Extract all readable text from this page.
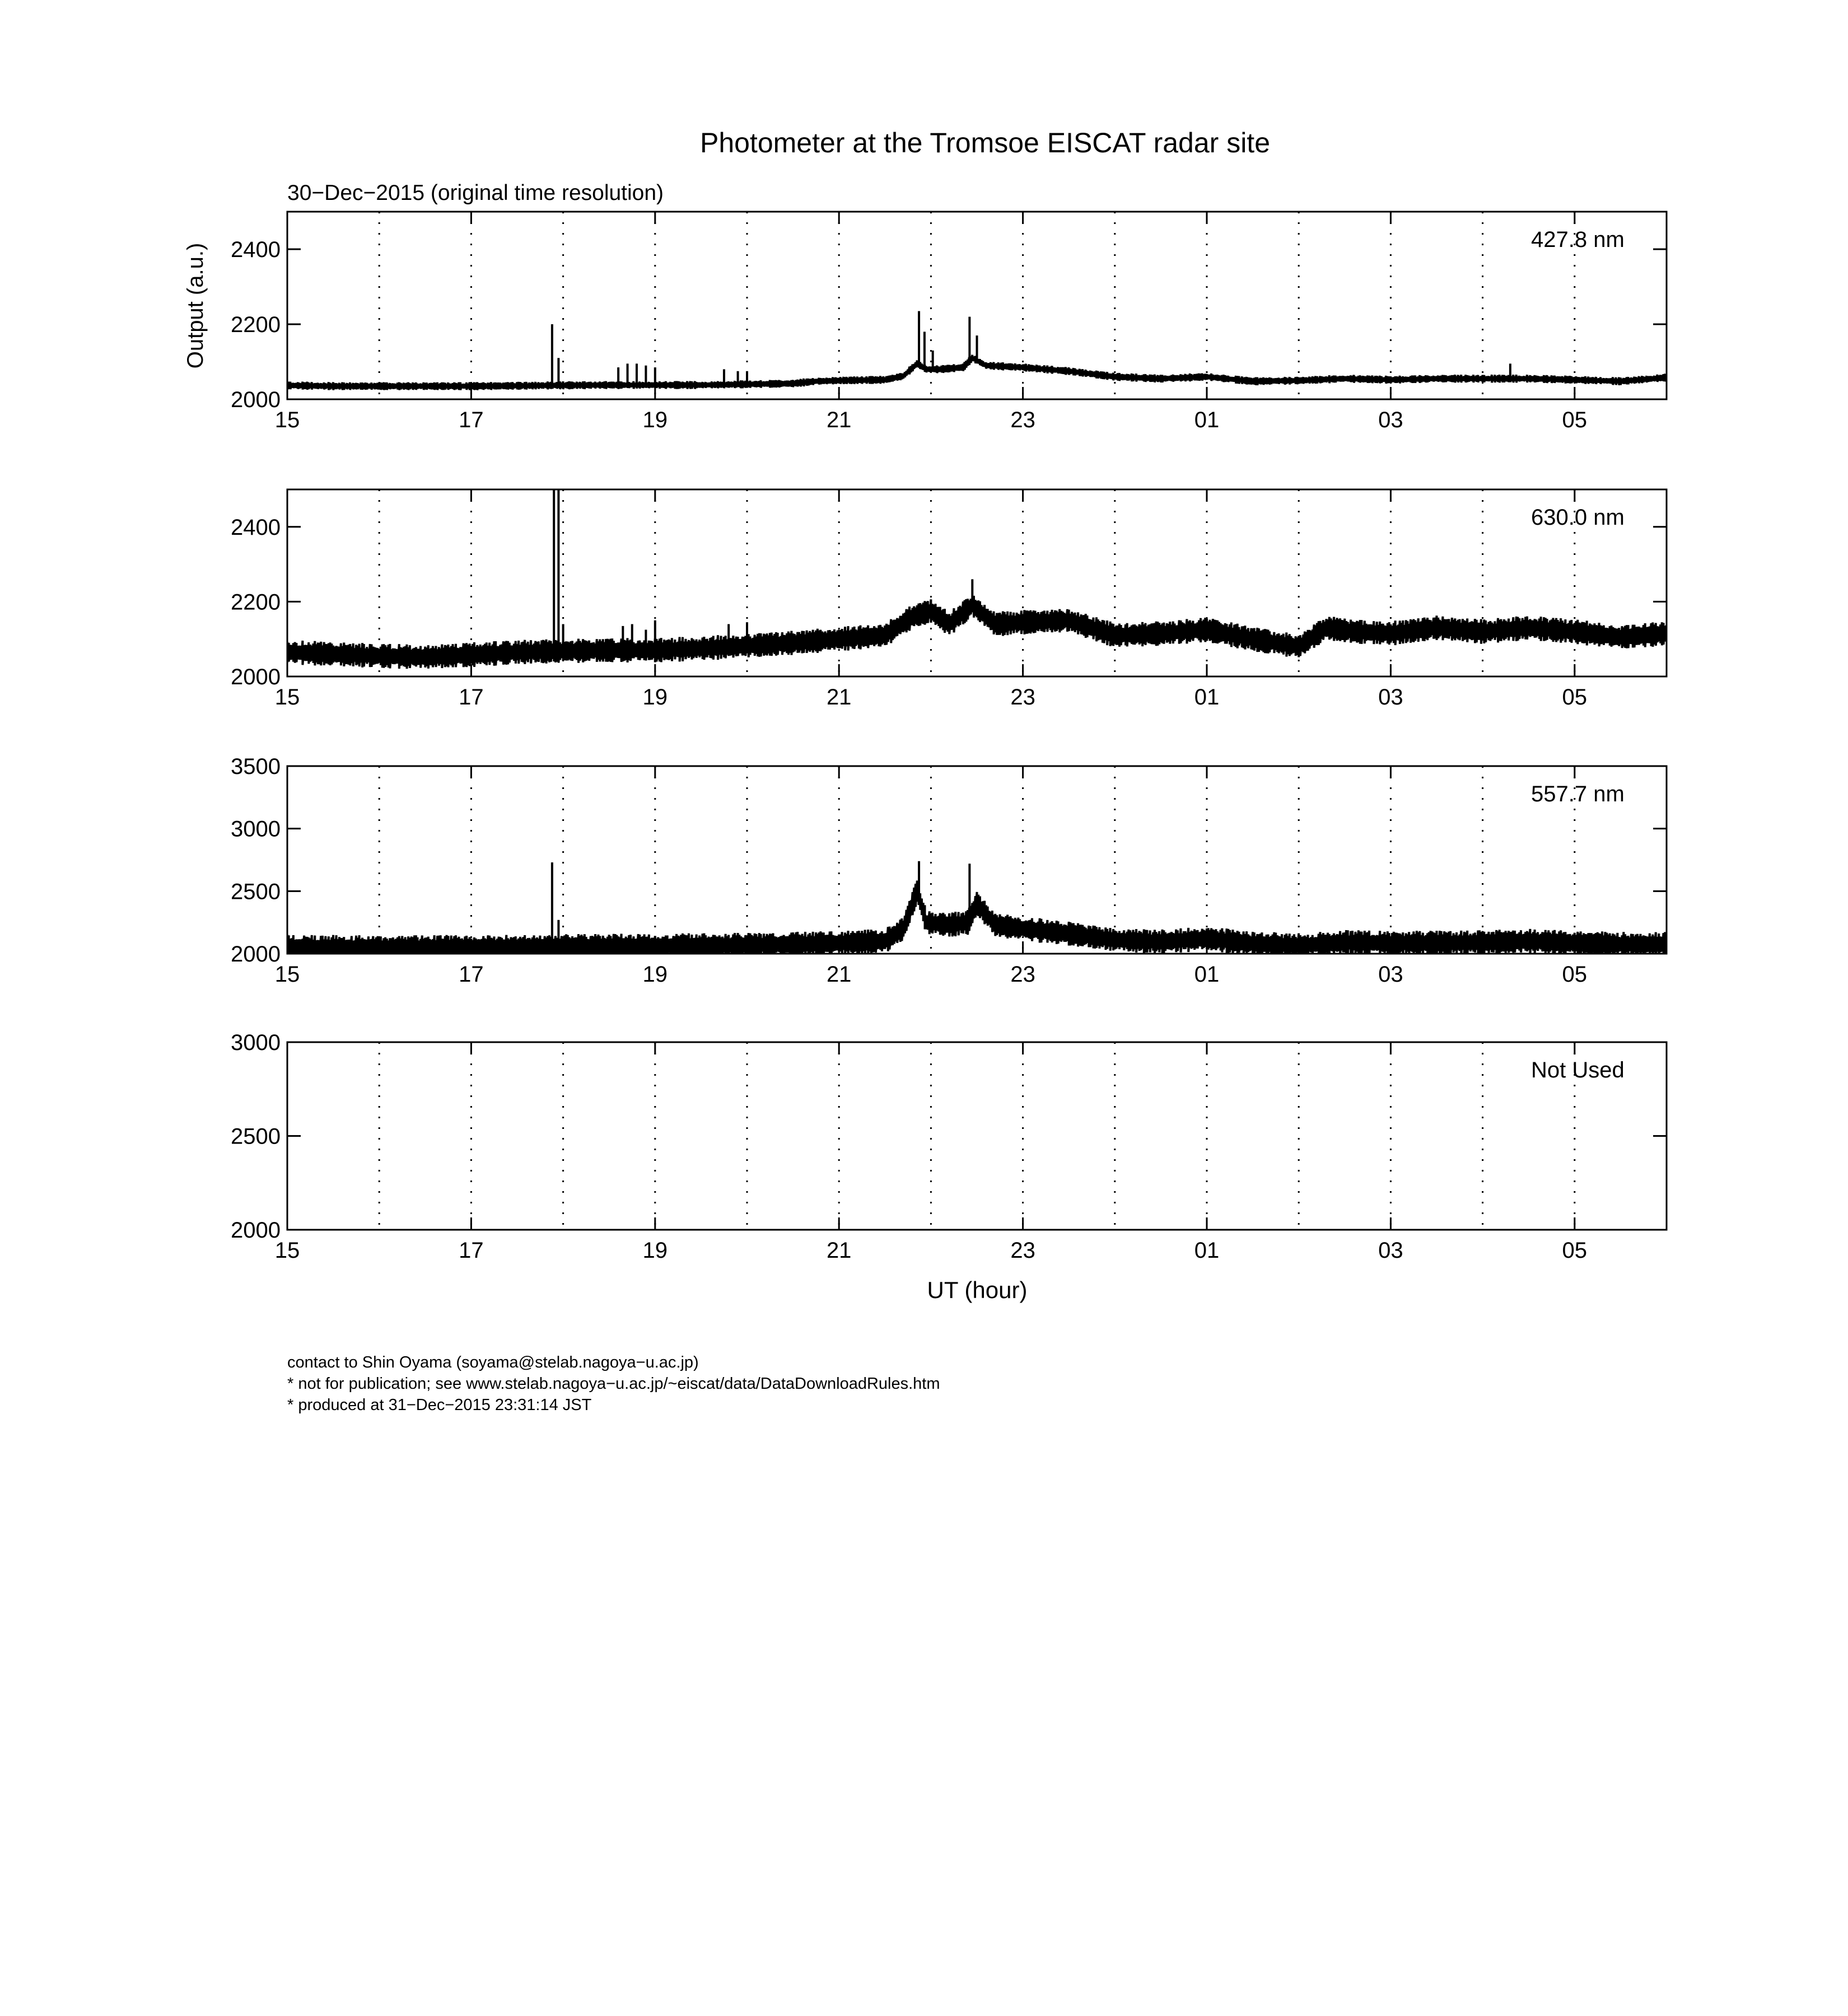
Photometer at the Tromsoe EISCAT radar site
30−Dec−2015 (original time resolution)
Output (a.u.)
2000
2200
2400
15	17	19	21	23	01	03	05
427.8 nm
2000
2200
2400
15	17	19	21	23	01	03	05
630.0 nm
2000
2500
3000
3500
15	17	19	21	23	01	03	05
557.7 nm
2000
2500
3000
15	17	19	21	23	01	03	05
Not Used
UT (hour)
contact to Shin Oyama (soyama@stelab.nagoya−u.ac.jp)
* not for publication; see www.stelab.nagoya−u.ac.jp/~eiscat/data/DataDownloadRules.htm
* produced at 31−Dec−2015 23:31:14 JST
